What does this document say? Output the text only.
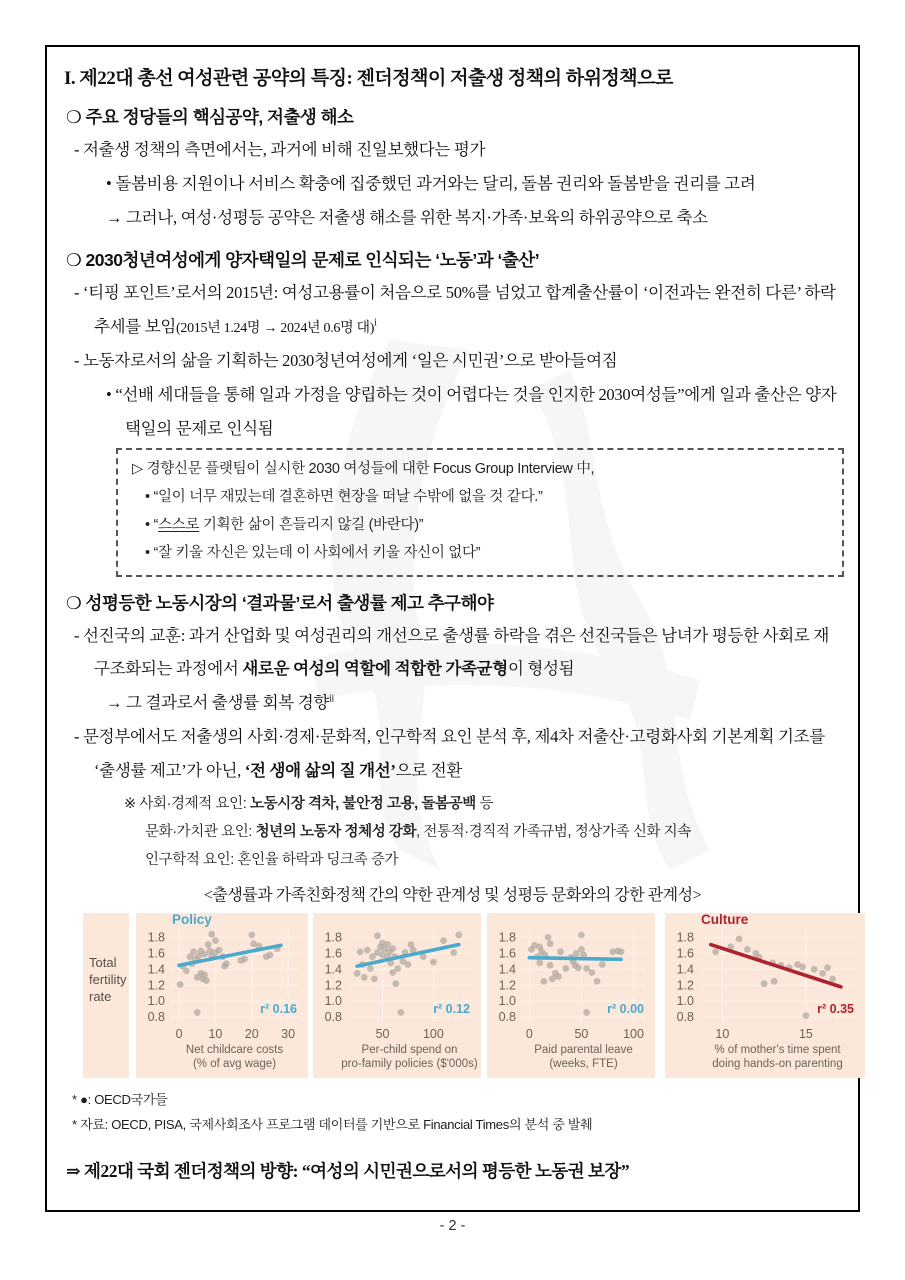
I. 제22대 총선 여성관련 공약의 특징: 젠더정책이 저출생 정책의 하위정책으로
❍ 주요 정당들의 핵심공약, 저출생 해소
- 저출생 정책의 측면에서는, 과거에 비해 진일보했다는 평가
• 돌봄비용 지원이나 서비스 확충에 집중했던 과거와는 달리, 돌봄 권리와 돌봄받을 권리를 고려
→ 그러나, 여성·성평등 공약은 저출생 해소를 위한 복지·가족·보육의 하위공약으로 축소
❍ 2030청년여성에게 양자택일의 문제로 인식되는 ‘노동’과 ‘출산’
- ‘티핑 포인트’로서의 2015년: 여성고용률이 처음으로 50%를 넘었고 합계출산률이 ‘이전과는 완전히 다른’ 하락 추세를 보임(2015년 1.24명 → 2024년 0.6명 대)$^i$
- 노동자로서의 삶을 기획하는 2030청년여성에게 ‘일은 시민권’으로 받아들여짐
• “선배 세대들을 통해 일과 가정을 양립하는 것이 어렵다는 것을 인지한 2030여성들”에게 일과 출산은 양자택일의 문제로 인식됨
▷ 경향신문 플랫팀이 실시한 2030 여성들에 대한 Focus Group Interview 中,
• “일이 너무 재밌는데 결혼하면 현장을 떠날 수밖에 없을 것 같다.”
• “스스로 기획한 삶이 흔들리지 않길 (바란다)”
• “잘 키울 자신은 있는데 이 사회에서 키울 자신이 없다”
❍ 성평등한 노동시장의 ‘결과물’로서 출생률 제고 추구해야
- 선진국의 교훈: 과거 산업화 및 여성권리의 개선으로 출생률 하락을 겪은 선진국들은 남녀가 평등한 사회로 재구조화되는 과정에서 새로운 여성의 역할에 적합한 가족균형이 형성됨
→ 그 결과로서 출생률 회복 경향$^{ii}$
- 문정부에서도 저출생의 사회·경제·문화적, 인구학적 요인 분석 후, 제4차 저출산·고령화사회 기본계획 기조를 ‘출생률 제고’가 아닌, ‘전 생애 삶의 질 개선’으로 전환
※ 사회·경제적 요인: 노동시장 격차, 불안정 고용, 돌봄공백 등
문화·가치관 요인: 청년의 노동자 정체성 강화, 전통적·경직적 가족규범, 정상가족 신화 지속
인구학적 요인: 혼인율 하락과 딩크족 증가
<출생률과 가족친화정책 간의 약한 관계성 및 성평등 문화와의 강한 관계성>
Total fertility rate
0.8
1.0
1.2
1.4
1.6
1.8
0 10 20 30
r² 0.16
Policy
Net childcare costs
(% of avg wage)
0.8
1.0
1.2
1.4
1.6
1.8
50	100
r² 0.12
Per-child spend on
pro-family policies ($'000s)
0.8
1.0
1.2
1.4
1.6
1.8
0	50	100
r² 0.00
Paid parental leave
(weeks, FTE)
0.8
1.0
1.2
1.4
1.6
1.8
10	15
r² 0.35
Culture
% of mother's time spent
doing hands-on parenting
* ●: OECD국가들
* 자료: OECD, PISA, 국제사회조사 프로그램 데이터를 기반으로 Financial Times의 분석 중 발췌
⇒ 제22대 국회 젠더정책의 방향: “여성의 시민권으로서의 평등한 노동권 보장”
- 2 -
